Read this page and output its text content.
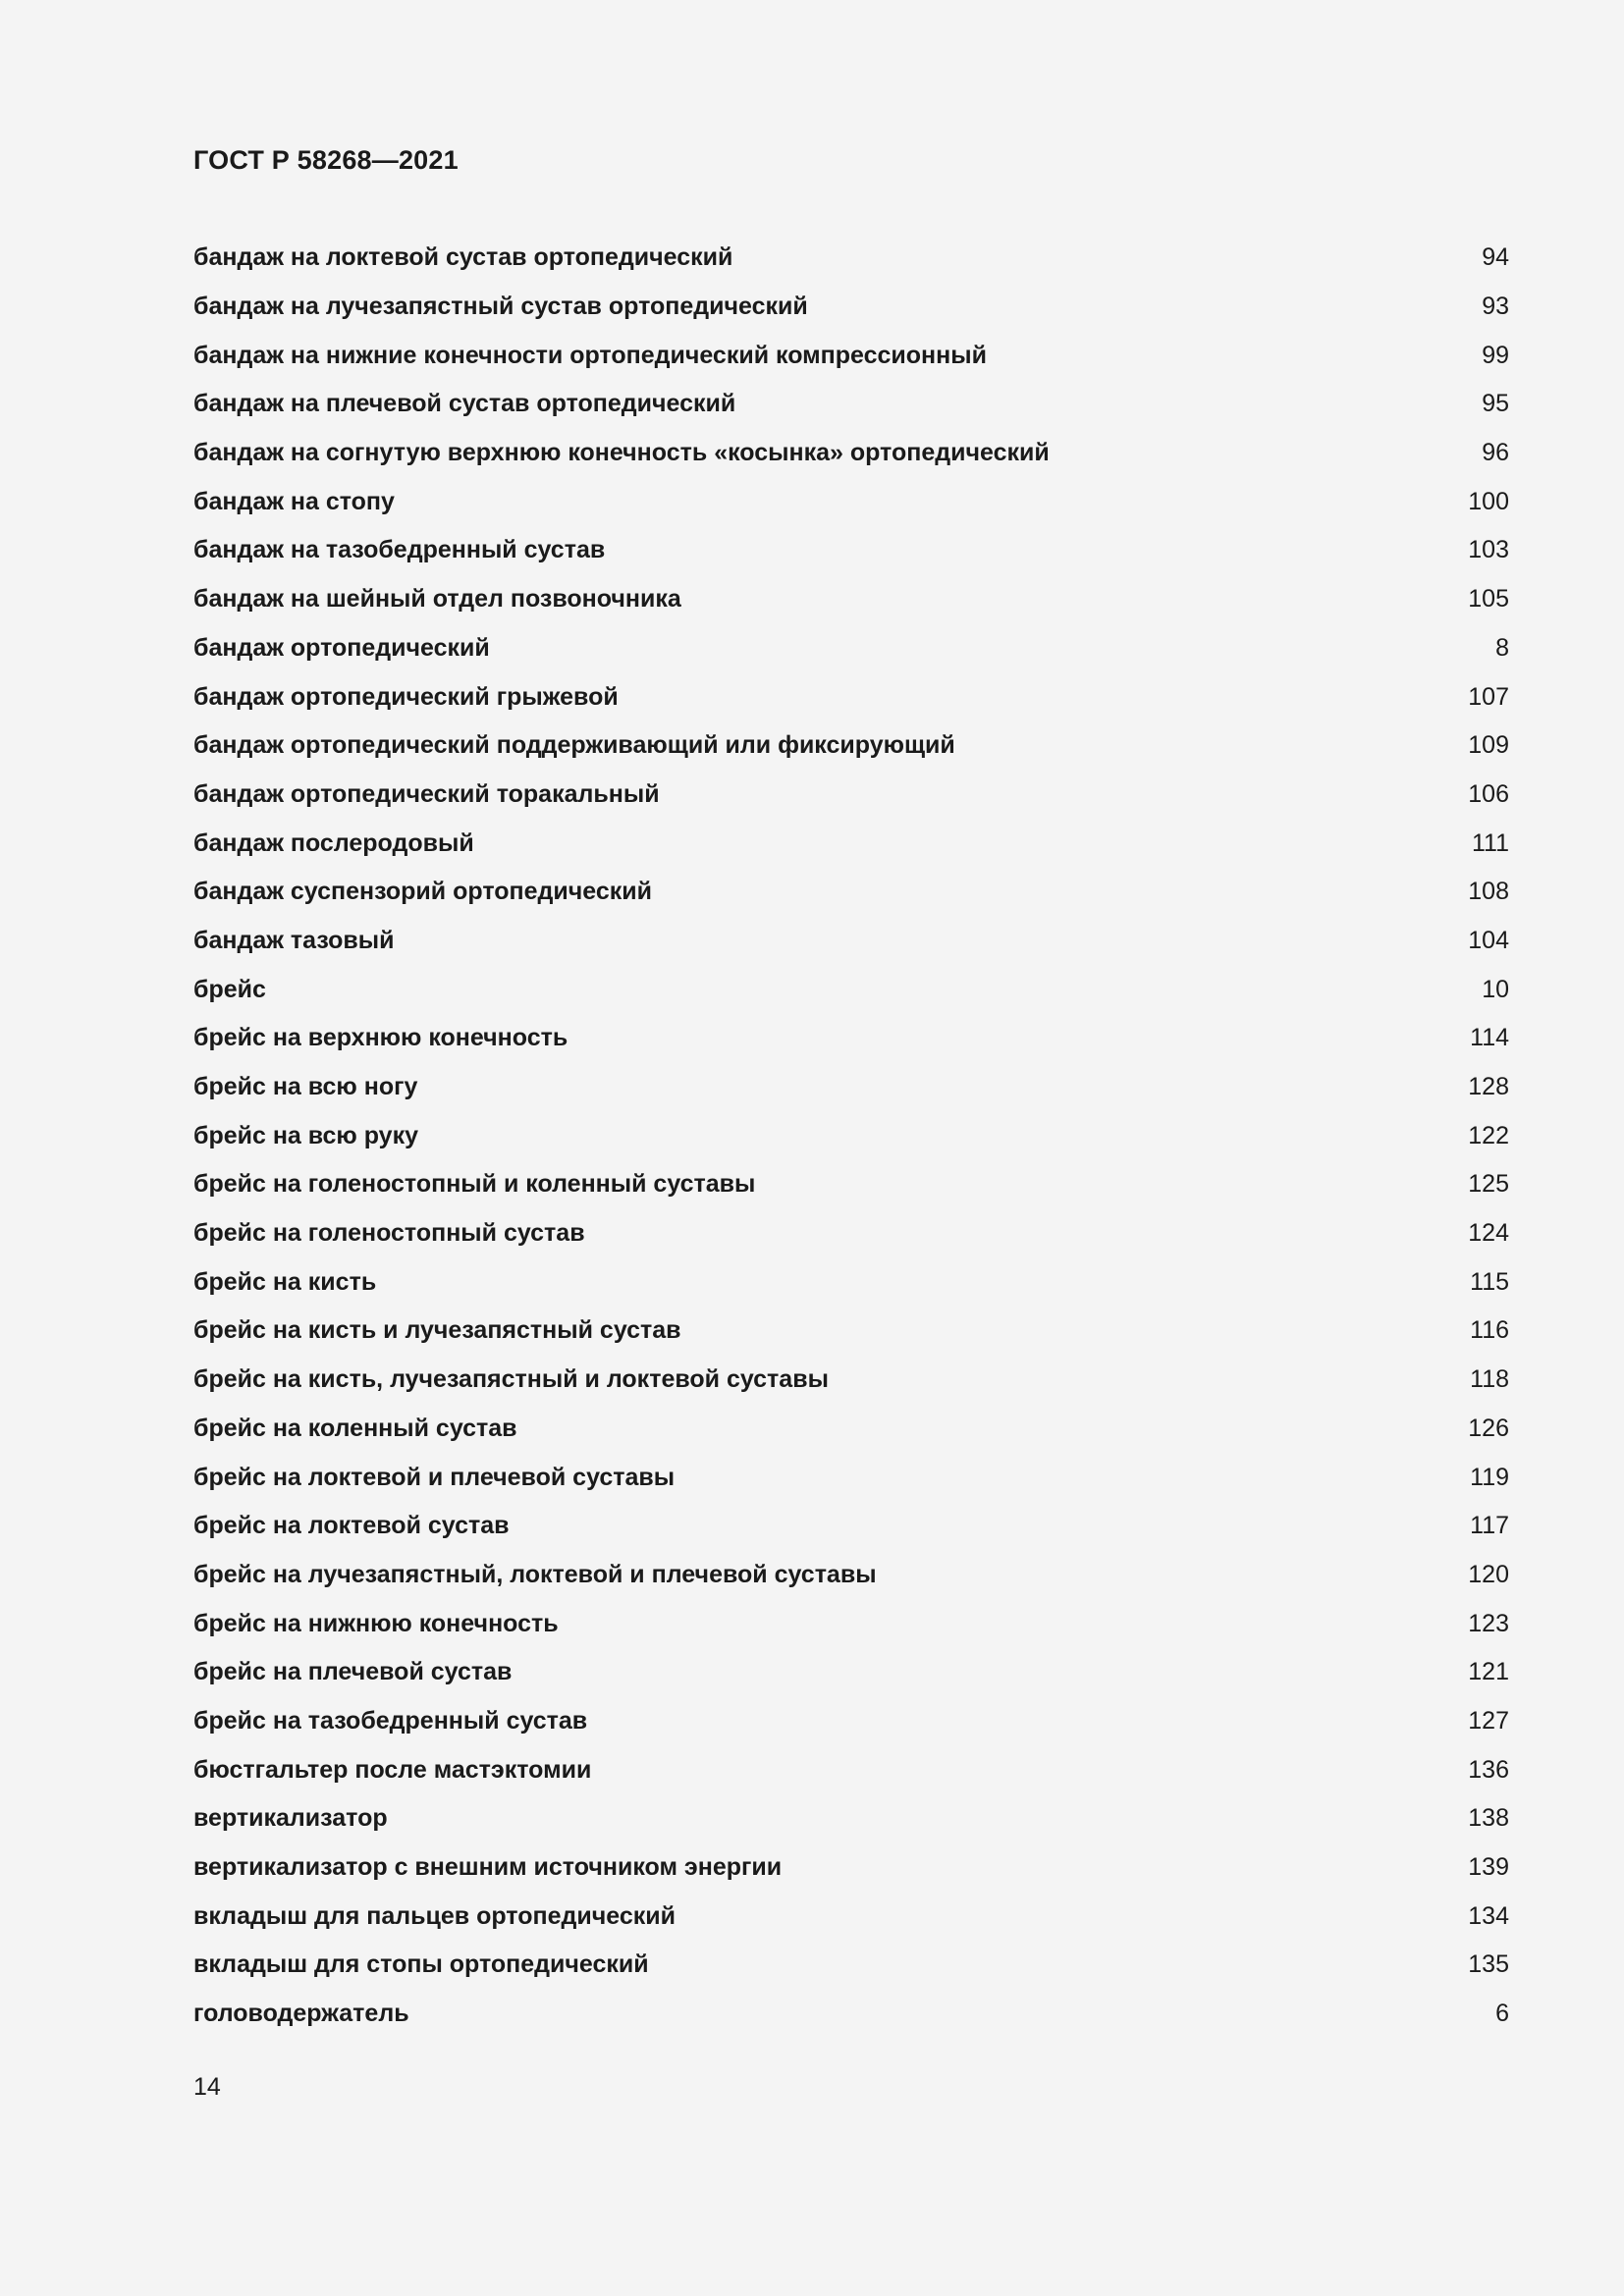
ГОСТ Р 58268—2021
бандаж на локтевой сустав ортопедический	94
бандаж на лучезапястный сустав ортопедический	93
бандаж на нижние конечности ортопедический компрессионный	99
бандаж на плечевой сустав ортопедический	95
бандаж на согнутую верхнюю конечность «косынка» ортопедический	96
бандаж на стопу	100
бандаж на тазобедренный сустав	103
бандаж на шейный отдел позвоночника	105
бандаж ортопедический	8
бандаж ортопедический грыжевой	107
бандаж ортопедический поддерживающий или фиксирующий	109
бандаж ортопедический торакальный	106
бандаж послеродовый	111
бандаж суспензорий ортопедический	108
бандаж тазовый	104
брейс	10
брейс на верхнюю конечность	114
брейс на всю ногу	128
брейс на всю руку	122
брейс на голеностопный и коленный суставы	125
брейс на голеностопный сустав	124
брейс на кисть	115
брейс на кисть и лучезапястный сустав	116
брейс на кисть, лучезапястный и локтевой суставы	118
брейс на коленный сустав	126
брейс на локтевой и плечевой суставы	119
брейс на локтевой сустав	117
брейс на лучезапястный, локтевой и плечевой суставы	120
брейс на нижнюю конечность	123
брейс на плечевой сустав	121
брейс на тазобедренный сустав	127
бюстгальтер после мастэктомии	136
вертикализатор	138
вертикализатор с внешним источником энергии	139
вкладыш для пальцев ортопедический	134
вкладыш для стопы ортопедический	135
головодержатель	6
14
